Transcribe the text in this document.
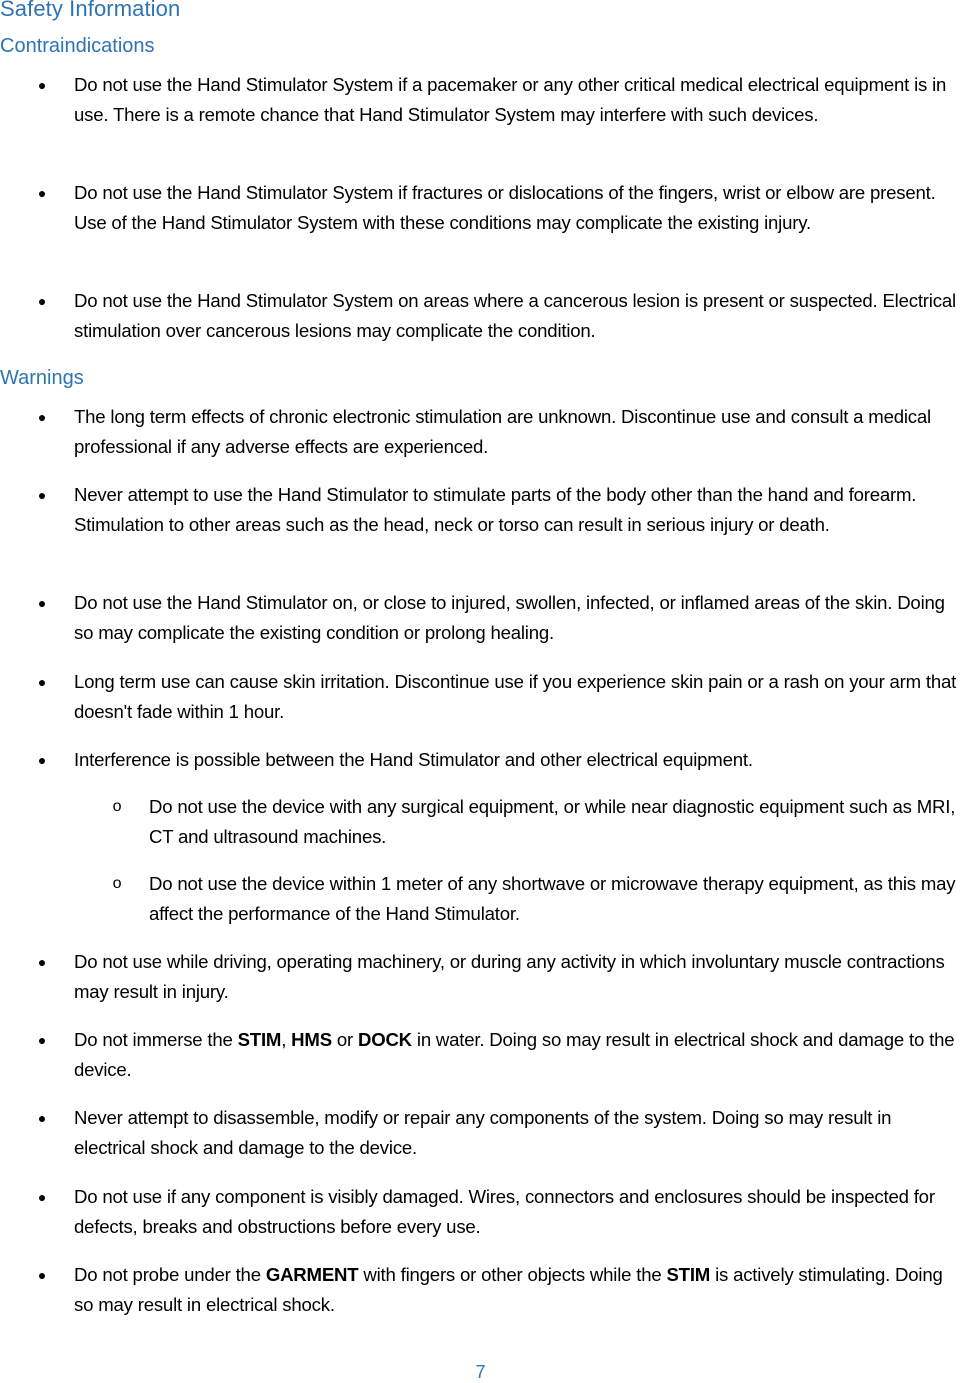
Safety Information
Contraindications
● Do not use the Hand Stimulator System if a pacemaker or any other critical medical electrical equipment is in use. There is a remote chance that Hand Stimulator System may interfere with such devices.
● Do not use the Hand Stimulator System if fractures or dislocations of the fingers, wrist or elbow are present. Use of the Hand Stimulator System with these conditions may complicate the existing injury.
● Do not use the Hand Stimulator System on areas where a cancerous lesion is present or suspected. Electrical stimulation over cancerous lesions may complicate the condition.
Warnings
● The long term effects of chronic electronic stimulation are unknown. Discontinue use and consult a medical professional if any adverse effects are experienced.
● Never attempt to use the Hand Stimulator to stimulate parts of the body other than the hand and forearm. Stimulation to other areas such as the head, neck or torso can result in serious injury or death.
● Do not use the Hand Stimulator on, or close to injured, swollen, infected, or inflamed areas of the skin. Doing so may complicate the existing condition or prolong healing.
● Long term use can cause skin irritation. Discontinue use if you experience skin pain or a rash on your arm that doesn't fade within 1 hour.
● Interference is possible between the Hand Stimulator and other electrical equipment.
o Do not use the device with any surgical equipment, or while near diagnostic equipment such as MRI, CT and ultrasound machines.
o Do not use the device within 1 meter of any shortwave or microwave therapy equipment, as this may affect the performance of the Hand Stimulator.
● Do not use while driving, operating machinery, or during any activity in which involuntary muscle contractions may result in injury.
● Do not immerse the STIM, HMS or DOCK in water. Doing so may result in electrical shock and damage to the device.
● Never attempt to disassemble, modify or repair any components of the system. Doing so may result in electrical shock and damage to the device.
● Do not use if any component is visibly damaged. Wires, connectors and enclosures should be inspected for defects, breaks and obstructions before every use.
● Do not probe under the GARMENT with fingers or other objects while the STIM is actively stimulating. Doing so may result in electrical shock.
7
